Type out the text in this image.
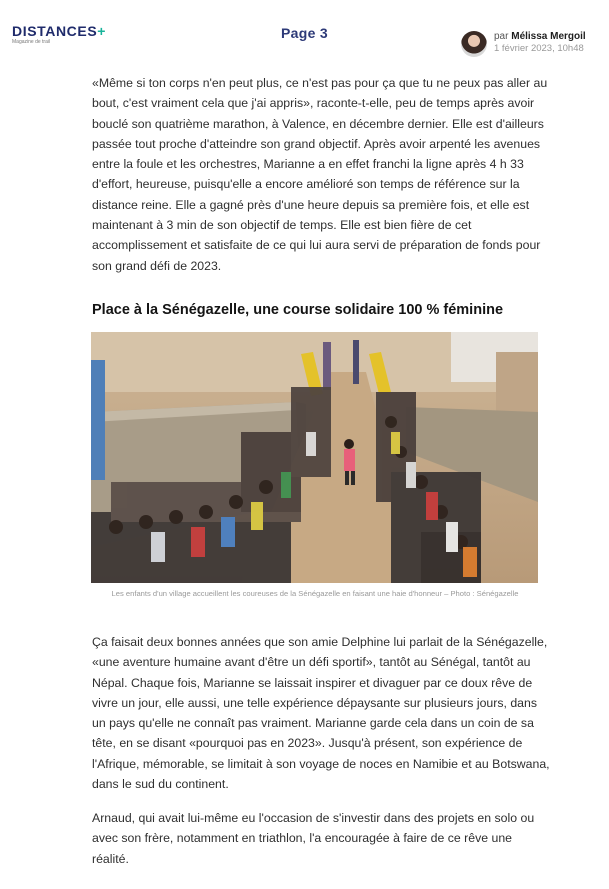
DISTANCES+
Magazine de trail
Page 3	par Mélissa Mergoil
1 février 2023, 10h48

«Même si ton corps n'en peut plus, ce n'est pas pour ça que tu ne peux pas aller au bout, c'est vraiment cela que j'ai appris», raconte-t-elle, peu de temps après avoir bouclé son quatrième marathon, à Valence, en décembre dernier. Elle est d'ailleurs passée tout proche d'atteindre son grand objectif. Après avoir arpenté les avenues entre la foule et les orchestres, Marianne a en effet franchi la ligne après 4 h 33 d'effort, heureuse, puisqu'elle a encore amélioré son temps de référence sur la distance reine. Elle a gagné près d'une heure depuis sa première fois, et elle est maintenant à 3 min de son objectif de temps. Elle est bien fière de cet accomplissement et satisfaite de ce qui lui aura servi de préparation de fonds pour son grand défi de 2023.

Place à la Sénégazelle, une course solidaire 100 % féminine

Les enfants d'un village accueillent les coureuses de la Sénégazelle en faisant une haie d'honneur – Photo : Sénégazelle

Ça faisait deux bonnes années que son amie Delphine lui parlait de la Sénégazelle, «une aventure humaine avant d'être un défi sportif», tantôt au Sénégal, tantôt au Népal. Chaque fois, Marianne se laissait inspirer et divaguer par ce doux rêve de vivre un jour, elle aussi, une telle expérience dépaysante sur plusieurs jours, dans un pays qu'elle ne connaît pas vraiment. Marianne garde cela dans un coin de sa tête, en se disant «pourquoi pas en 2023». Jusqu'à présent, son expérience de l'Afrique, mémorable, se limitait à son voyage de noces en Namibie et au Botswana, dans le sud du continent.

Arnaud, qui avait lui-même eu l'occasion de s'investir dans des projets en solo ou avec son frère, notamment en triathlon, l'a encouragée à faire de ce rêve une réalité.
